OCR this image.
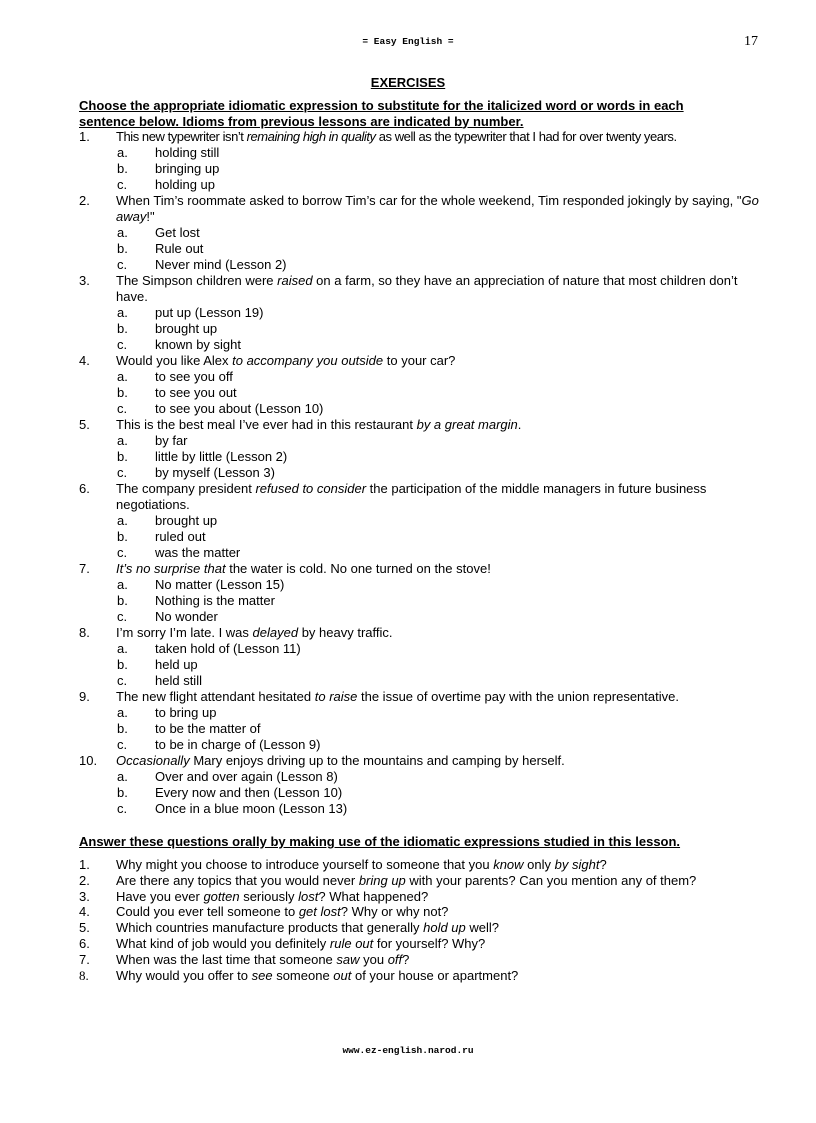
= Easy English =	17
EXERCISES
Choose the appropriate idiomatic expression to substitute for the italicized word or words in each sentence below. Idioms from previous lessons are indicated by number.
1. This new typewriter isn’t remaining high in quality as well as the typewriter that I had for over twenty years.
a. holding still
b. bringing up
c. holding up
2. When Tim’s roommate asked to borrow Tim’s car for the whole weekend, Tim responded jokingly by saying, "Go away!"
a. Get lost
b. Rule out
c. Never mind (Lesson 2)
3. The Simpson children were raised on a farm, so they have an appreciation of nature that most children don’t have.
a. put up (Lesson 19)
b. brought up
c. known by sight
4. Would you like Alex to accompany you outside to your car?
a. to see you off
b. to see you out
c. to see you about (Lesson 10)
5. This is the best meal I’ve ever had in this restaurant by a great margin.
a. by far
b. little by little (Lesson 2)
c. by myself (Lesson 3)
6. The company president refused to consider the participation of the middle managers in future business negotiations.
a. brought up
b. ruled out
c. was the matter
7. It’s no surprise that the water is cold. No one turned on the stove!
a. No matter (Lesson 15)
b. Nothing is the matter
c. No wonder
8. I’m sorry I’m late. I was delayed by heavy traffic.
a. taken hold of (Lesson 11)
b. held up
c. held still
9. The new flight attendant hesitated to raise the issue of overtime pay with the union representative.
a. to bring up
b. to be the matter of
c. to be in charge of (Lesson 9)
10. Occasionally Mary enjoys driving up to the mountains and camping by herself.
a. Over and over again (Lesson 8)
b. Every now and then (Lesson 10)
c. Once in a blue moon (Lesson 13)
Answer these questions orally by making use of the idiomatic expressions studied in this lesson.
1. Why might you choose to introduce yourself to someone that you know only by sight?
2. Are there any topics that you would never bring up with your parents? Can you mention any of them?
3. Have you ever gotten seriously lost? What happened?
4. Could you ever tell someone to get lost? Why or why not?
5. Which countries manufacture products that generally hold up well?
6. What kind of job would you definitely rule out for yourself? Why?
7. When was the last time that someone saw you off?
8. Why would you offer to see someone out of your house or apartment?
www.ez-english.narod.ru
